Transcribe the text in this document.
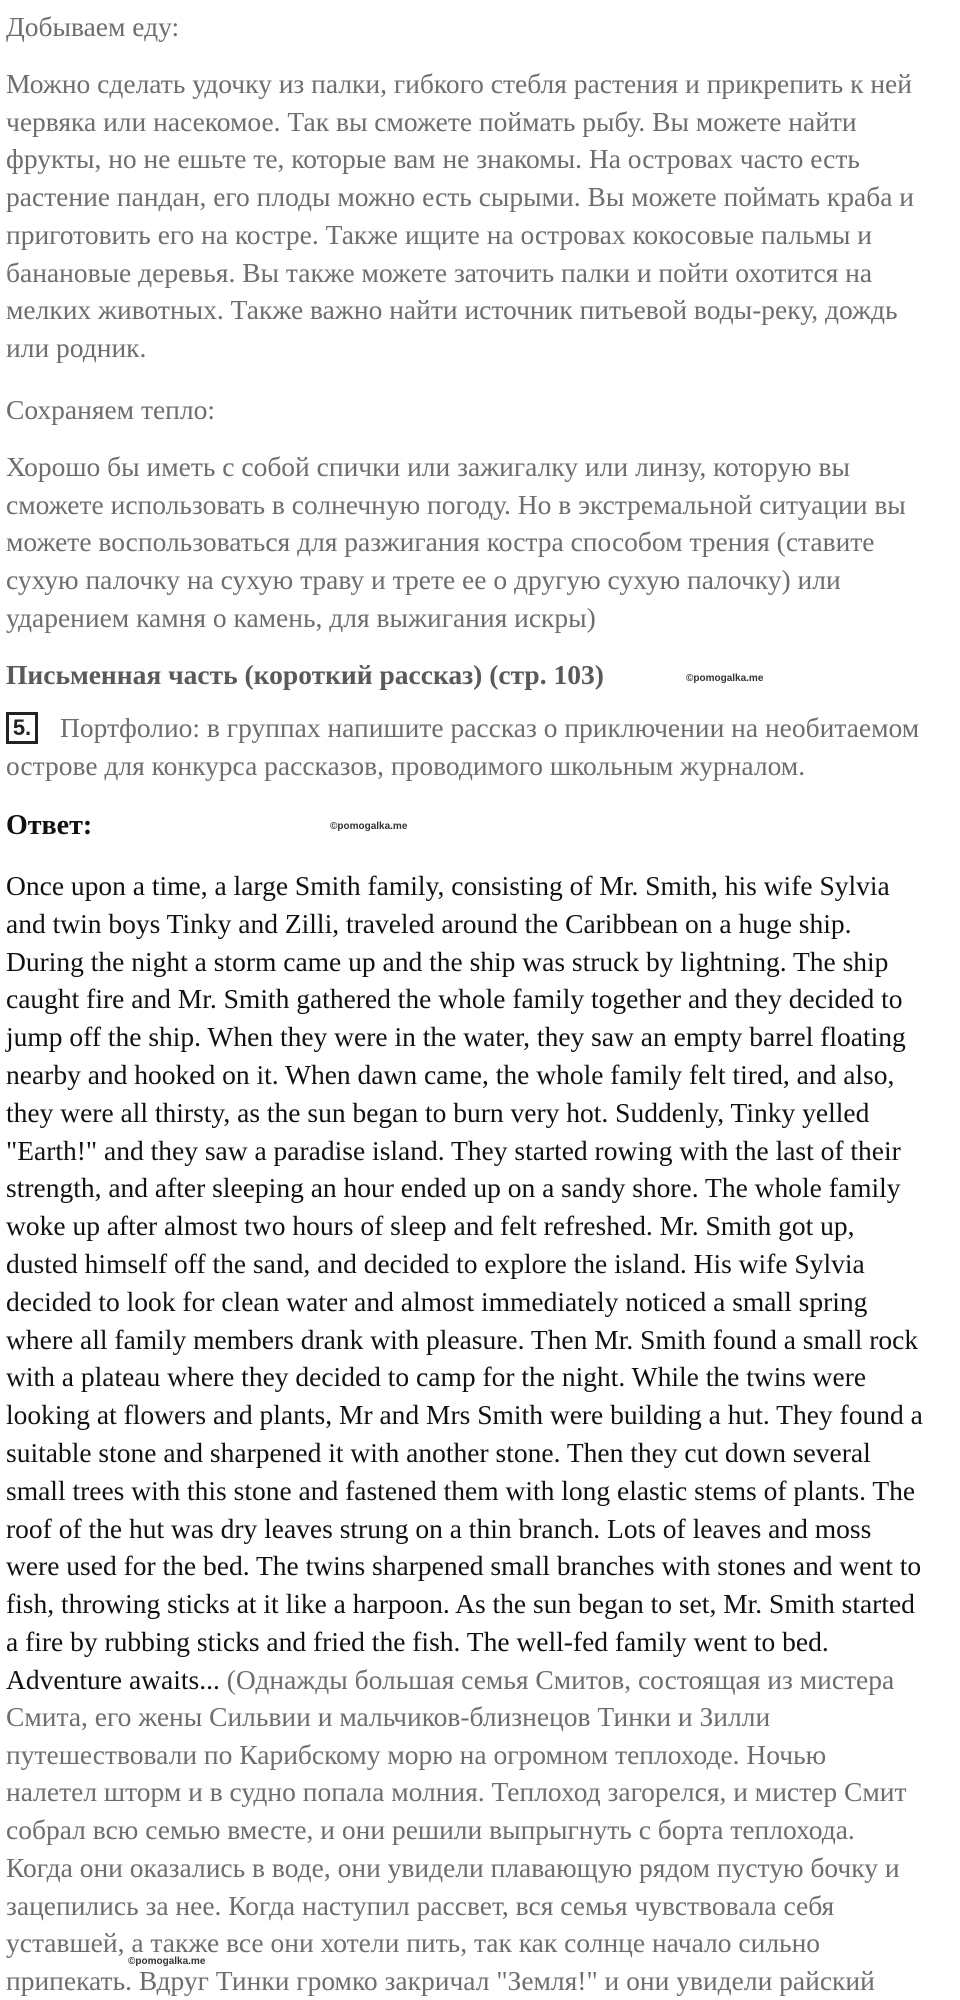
Добываем еду:

Можно сделать удочку из палки, гибкого стебля растения и прикрепить к ней
червяка или насекомое. Так вы сможете поймать рыбу. Вы можете найти
фрукты, но не ешьте те, которые вам не знакомы. На островах часто есть
растение пандан, его плоды можно есть сырыми. Вы можете поймать краба и
приготовить его на костре. Также ищите на островах кокосовые пальмы и
банановые деревья. Вы также можете заточить палки и пойти охотится на
мелких животных. Также важно найти источник питьевой воды-реку, дождь
или родник.

Сохраняем тепло:

Хорошо бы иметь с собой спички или зажигалку или линзу, которую вы
сможете использовать в солнечную погоду. Но в экстремальной ситуации вы
можете воспользоваться для разжигания костра способом трения (ставите
сухую палочку на сухую траву и трете ее о другую сухую палочку) или
ударением камня о камень, для выжигания искры)

Письменная часть (короткий рассказ) (стр. 103)	©pomogalka.me
5. Портфолио: в группах напишите рассказ о приключении на необитаемом

острове для конкурса рассказов, проводимого школьным журналом.

Ответ:	©pomogalka.me
Once upon a time, a large Smith family, consisting of Mr. Smith, his wife Sylvia
and twin boys Tinky and Zilli, traveled around the Caribbean on a huge ship.
During the night a storm came up and the ship was struck by lightning. The ship
caught fire and Mr. Smith gathered the whole family together and they decided to
jump off the ship. When they were in the water, they saw an empty barrel floating
nearby and hooked on it. When dawn came, the whole family felt tired, and also,
they were all thirsty, as the sun began to burn very hot. Suddenly, Tinky yelled
"Earth!" and they saw a paradise island. They started rowing with the last of their
strength, and after sleeping an hour ended up on a sandy shore. The whole family
woke up after almost two hours of sleep and felt refreshed. Mr. Smith got up,
dusted himself off the sand, and decided to explore the island. His wife Sylvia
decided to look for clean water and almost immediately noticed a small spring
where all family members drank with pleasure. Then Mr. Smith found a small rock
with a plateau where they decided to camp for the night. While the twins were
looking at flowers and plants, Mr and Mrs Smith were building a hut. They found a
suitable stone and sharpened it with another stone. Then they cut down several
small trees with this stone and fastened them with long elastic stems of plants. The
roof of the hut was dry leaves strung on a thin branch. Lots of leaves and moss
were used for the bed. The twins sharpened small branches with stones and went to
fish, throwing sticks at it like a harpoon. As the sun began to set, Mr. Smith started
a fire by rubbing sticks and fried the fish. The well-fed family went to bed.
Adventure awaits... (Однажды большая семья Смитов, состоящая из мистера
Смита, его жены Сильвии и мальчиков-близнецов Тинки и Зилли
путешествовали по Карибскому морю на огромном теплоходе. Ночью
налетел шторм и в судно попала молния. Теплоход загорелся, и мистер Смит
собрал всю семью вместе, и они решили выпрыгнуть с борта теплохода.
Когда они оказались в воде, они увидели плавающую рядом пустую бочку и
зацепились за нее. Когда наступил рассвет, вся семья чувствовала себя
уставшей, а также все они хотели пить, так как солнце начало сильно
припекать. Вдруг Тинки громко закричал "Земля!" и они увидели райский
©pomogalka.me
